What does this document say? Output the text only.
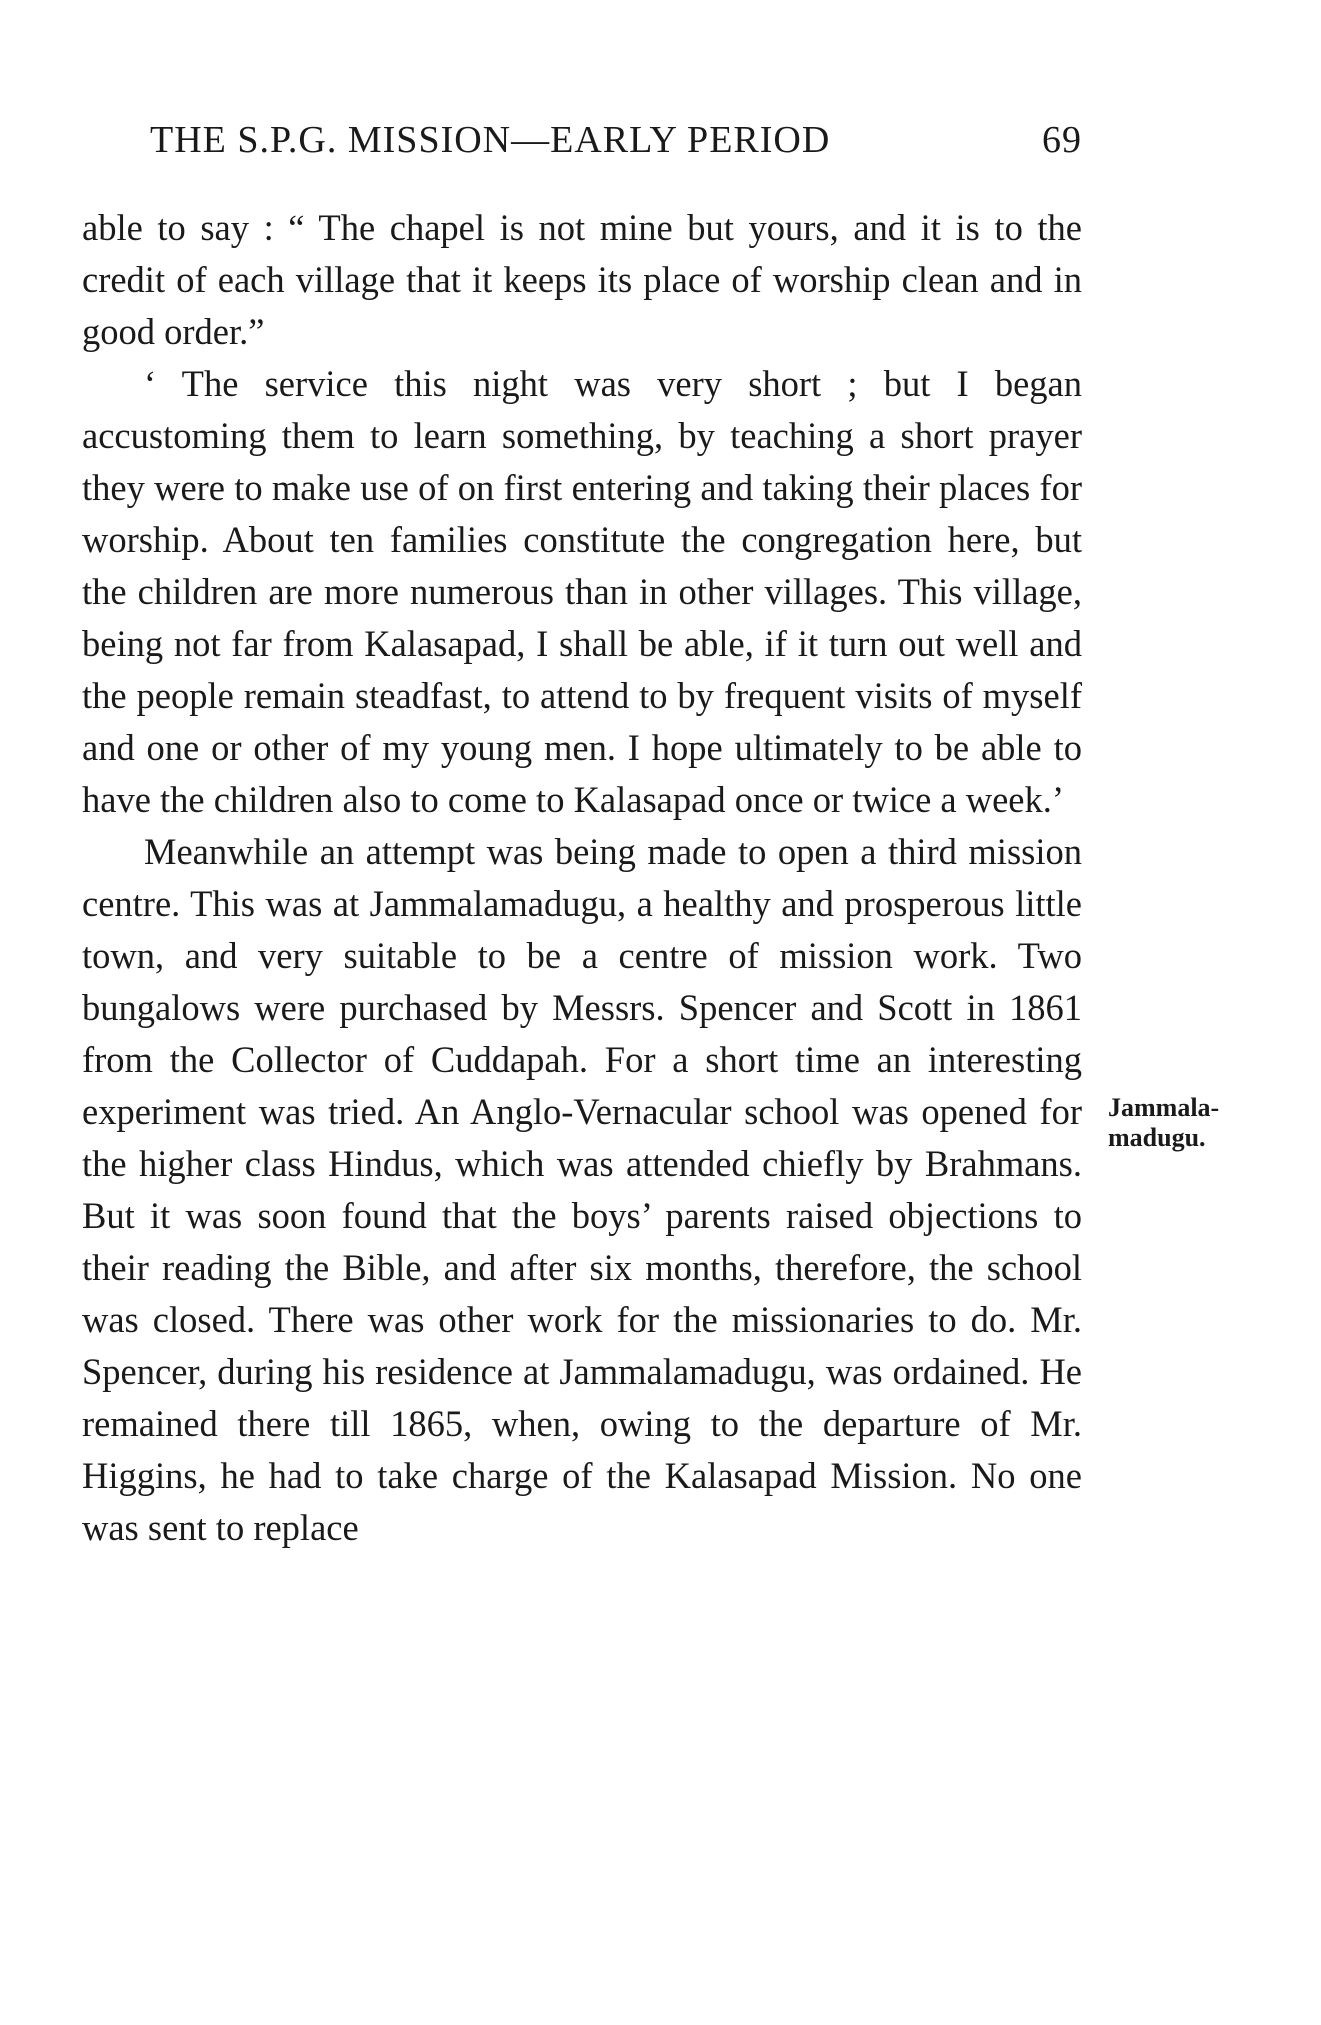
THE S.P.G. MISSION—EARLY PERIOD	69

able to say : “ The chapel is not mine but yours, and it is to the credit of each village that it keeps its place of worship clean and in good order.”

‘ The service this night was very short ; but I began accustoming them to learn something, by teaching a short prayer they were to make use of on first entering and taking their places for worship. About ten families constitute the congregation here, but the children are more numerous than in other villages. This village, being not far from Kalasapad, I shall be able, if it turn out well and the people remain steadfast, to attend to by frequent visits of myself and one or other of my young men. I hope ultimately to be able to have the children also to come to Kalasapad once or twice a week.’

Meanwhile an attempt was being made to open a third mission centre. This was at Jammalamadugu, a healthy and prosperous little town, and very suitable to be a centre of mission work. Two bungalows were purchased by Messrs. Spencer and Scott in 1861 from the Collector of Cuddapah. For a short time an interesting experiment was tried. An Anglo-Vernacular school was opened for the higher class Hindus, which was attended chiefly by Brahmans. But it was soon found that the boys’ parents raised objections to their reading the Bible, and after six months, therefore, the school was closed. There was other work for the missionaries to do. Mr. Spencer, during his residence at Jammalamadugu, was ordained. He remained there till 1865, when, owing to the departure of Mr. Higgins, he had to take charge of the Kalasapad Mission. No one was sent to replace

Jammala-
madugu.
